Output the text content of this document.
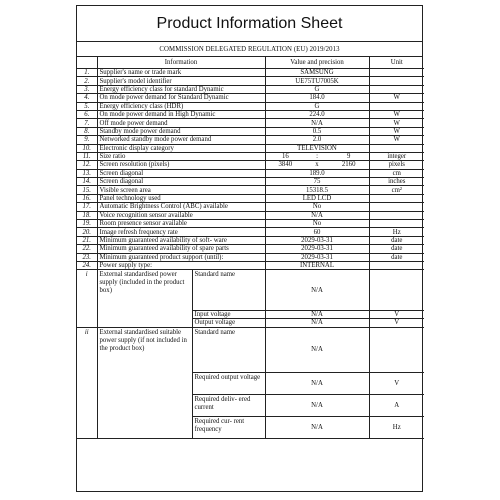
Product Information Sheet
COMMISSION DELEGATED REGULATION (EU) 2019/2013
	Information		Value and precision	Unit
1.	Supplier's name or trade mark		SAMSUNG	
2.	Supplier's model identifier		UE75TU7005K	
3.	Energy efficiency class for standard Dynamic		G	
4.	On mode power demand for Standard Dynamic		184.0	W
5.	Energy efficiency class (HDR)		G	
6.	On mode power demand in High Dynamic		224.0	W
7.	Off mode power demand		N/A	W
8.	Standby mode power demand		0.5	W
9.	Networked standby mode power demand		2.0	W
10.	Electronic display category		TELEVISION	
11.	Size ratio		16 : 9	integer
12.	Screen resolution (pixels)		3840 x 2160	pixels
13.	Screen diagonal		189.0	cm
14.	Screen diagonal		75	inches
15.	Visible screen area		15318.5	cm²
16.	Panel technology used		LED LCD	
17.	Automatic Brightness Control (ABC) available		No	
18.	Voice recognition sensor available		N/A	
19.	Room presence sensor available		No	
20.	Image refresh frequency rate		60	Hz
21.	Minimum guaranteed availability of soft- ware		2029-03-31	date
22.	Minimum guaranteed availability of spare parts		2029-03-31	date
23.	Minimum guaranteed product support (until):		2029-03-31	date
24.	Power supply type:		INTERNAL	
i	External standardised power supply (included in the product box)	Standard name	N/A	
		Input voltage	N/A	V
		Output voltage	N/A	V
ii	External standardised suitable power supply (if not included in the product box)	Standard name	N/A	
		Required output voltage	N/A	V
		Required deliv- ered current	N/A	A
		Required cur- rent frequency	N/A	Hz
